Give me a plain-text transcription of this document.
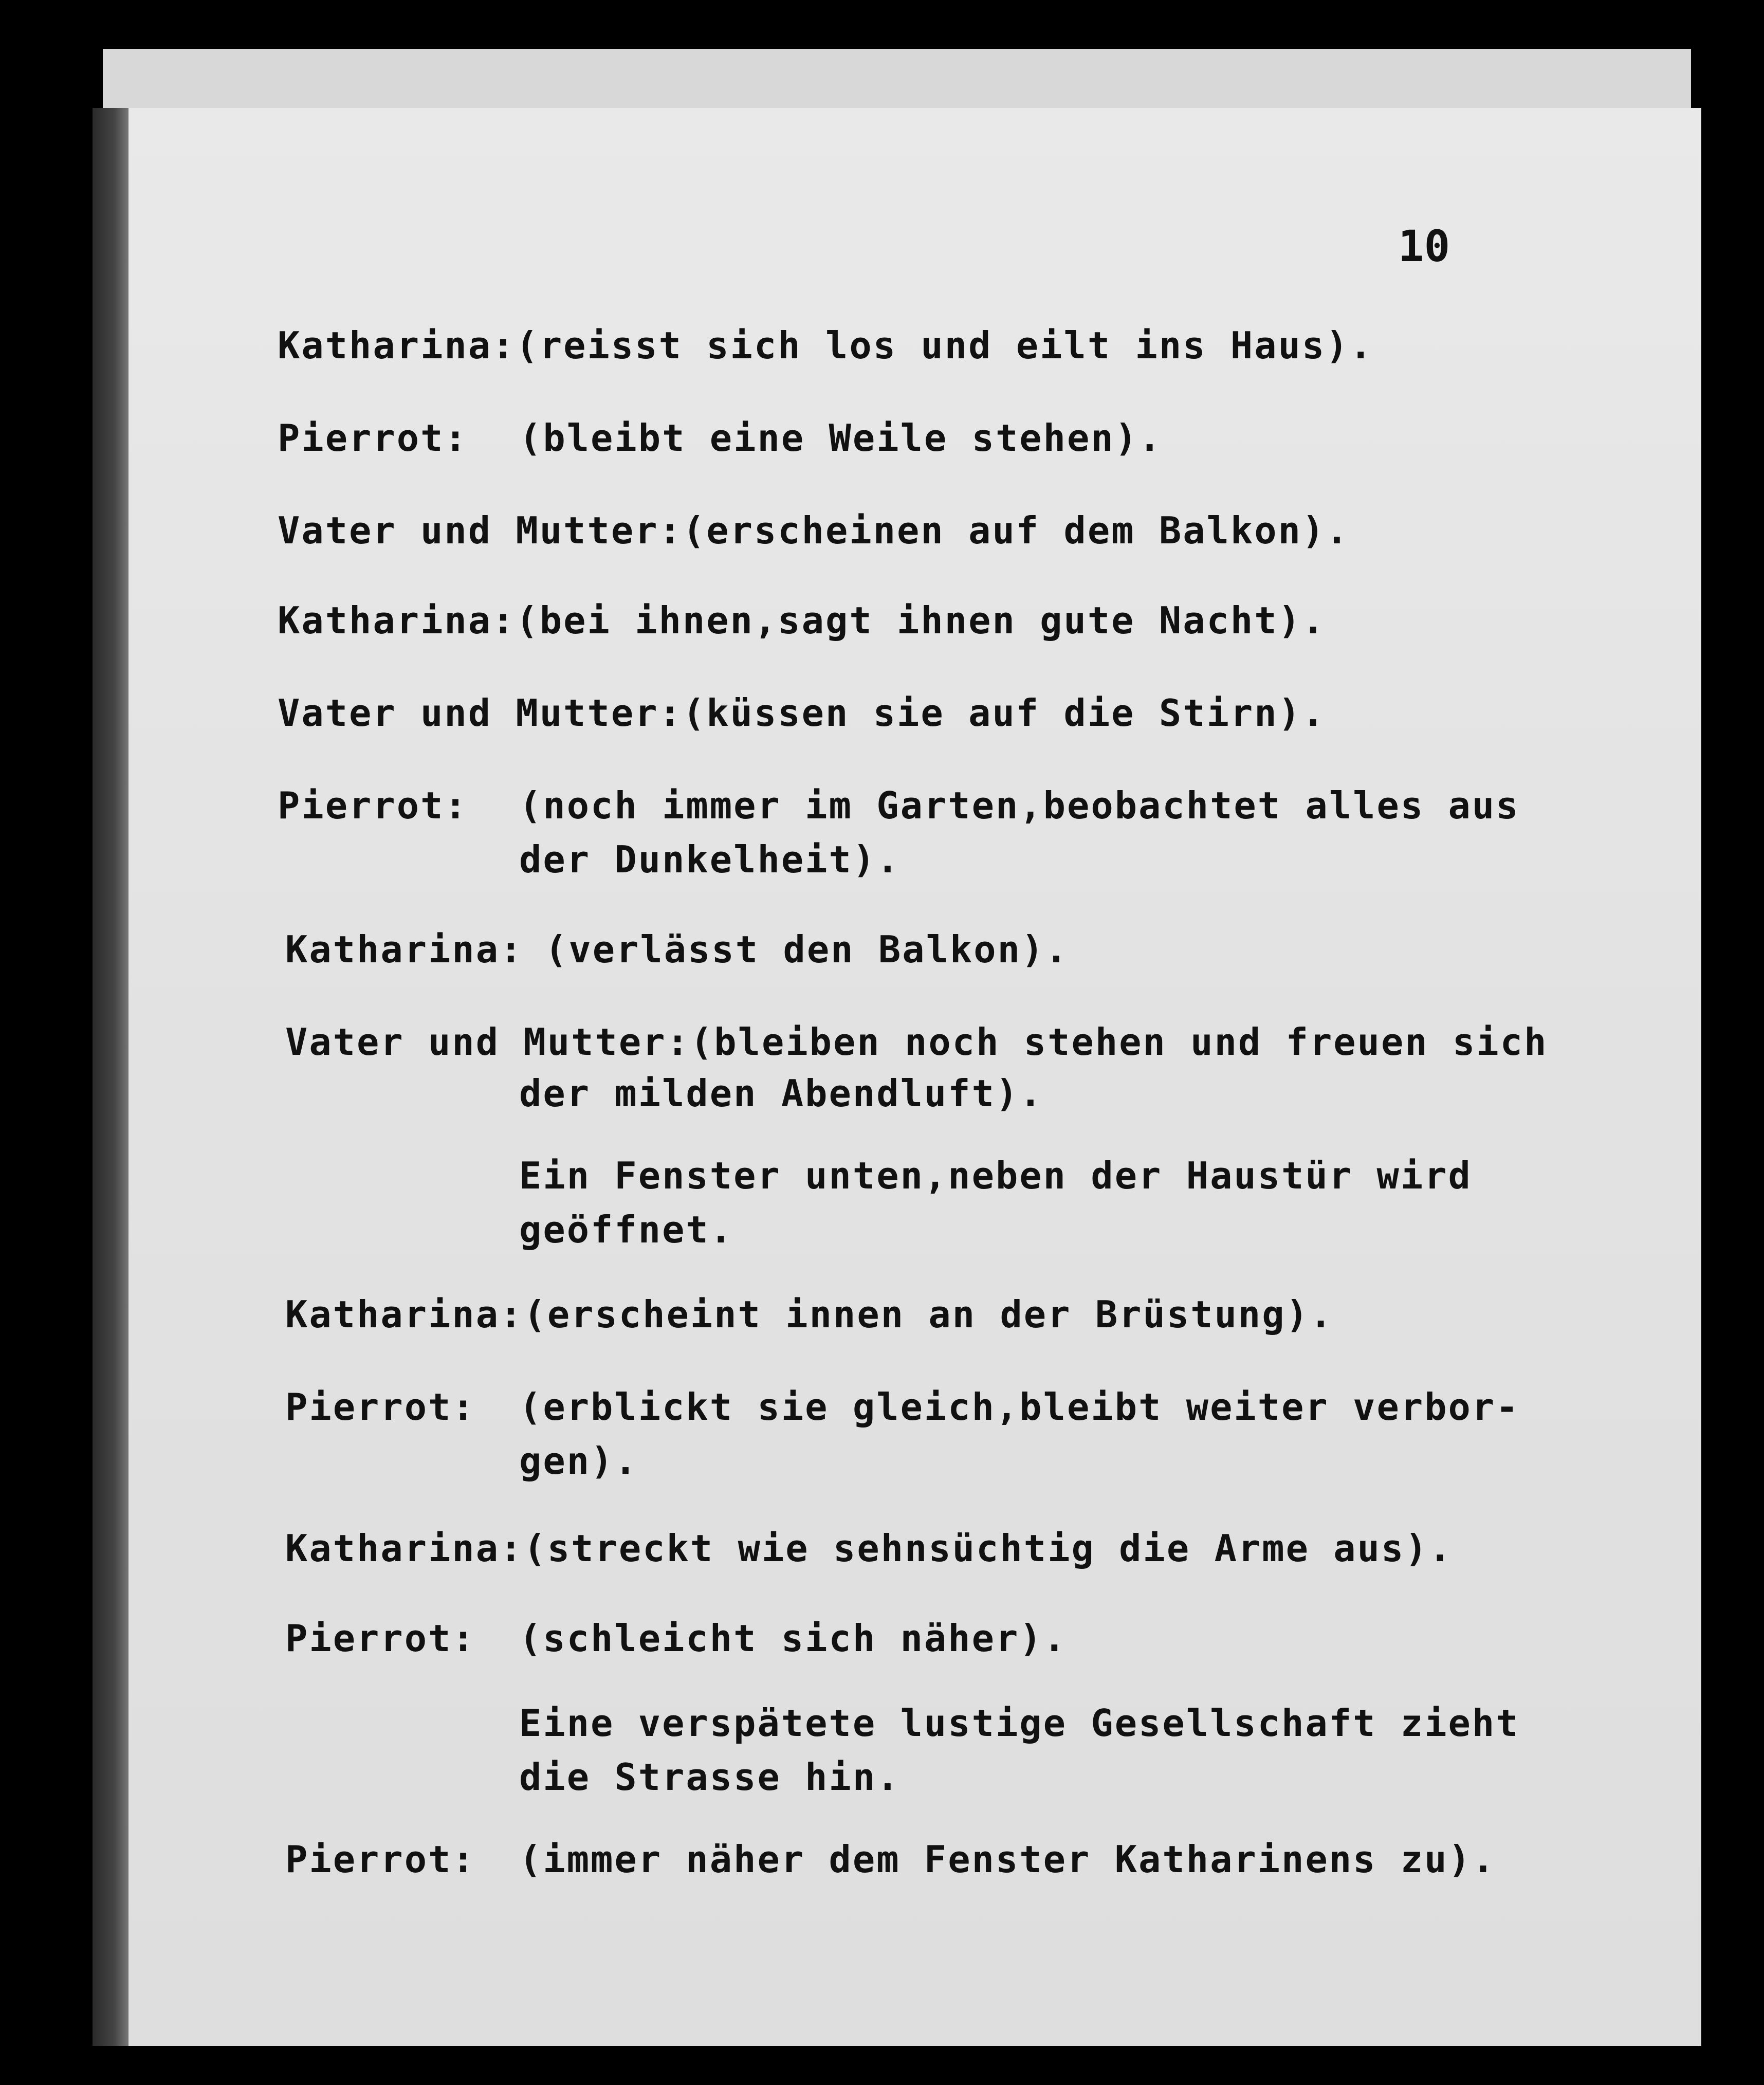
10
Katharina:(reisst sich los und eilt ins Haus).
Pierrot: (bleibt eine Weile stehen).
Vater und Mutter:(erscheinen auf dem Balkon).
Katharina:(bei ihnen,sagt ihnen gute Nacht).
Vater und Mutter:(küssen sie auf die Stirn).
Pierrot: (noch immer im Garten,beobachtet alles aus
der Dunkelheit).
Katharina: (verlässt den Balkon).
Vater und Mutter:(bleiben noch stehen und freuen sich
der milden Abendluft).
Ein Fenster unten,neben der Haustür wird
geöffnet.
Katharina:(erscheint innen an der Brüstung).
Pierrot: (erblickt sie gleich,bleibt weiter verbor-
gen).
Katharina:(streckt wie sehnsüchtig die Arme aus).
Pierrot: (schleicht sich näher).
Eine verspätete lustige Gesellschaft zieht
die Strasse hin.
Pierrot: (immer näher dem Fenster Katharinens zu).
